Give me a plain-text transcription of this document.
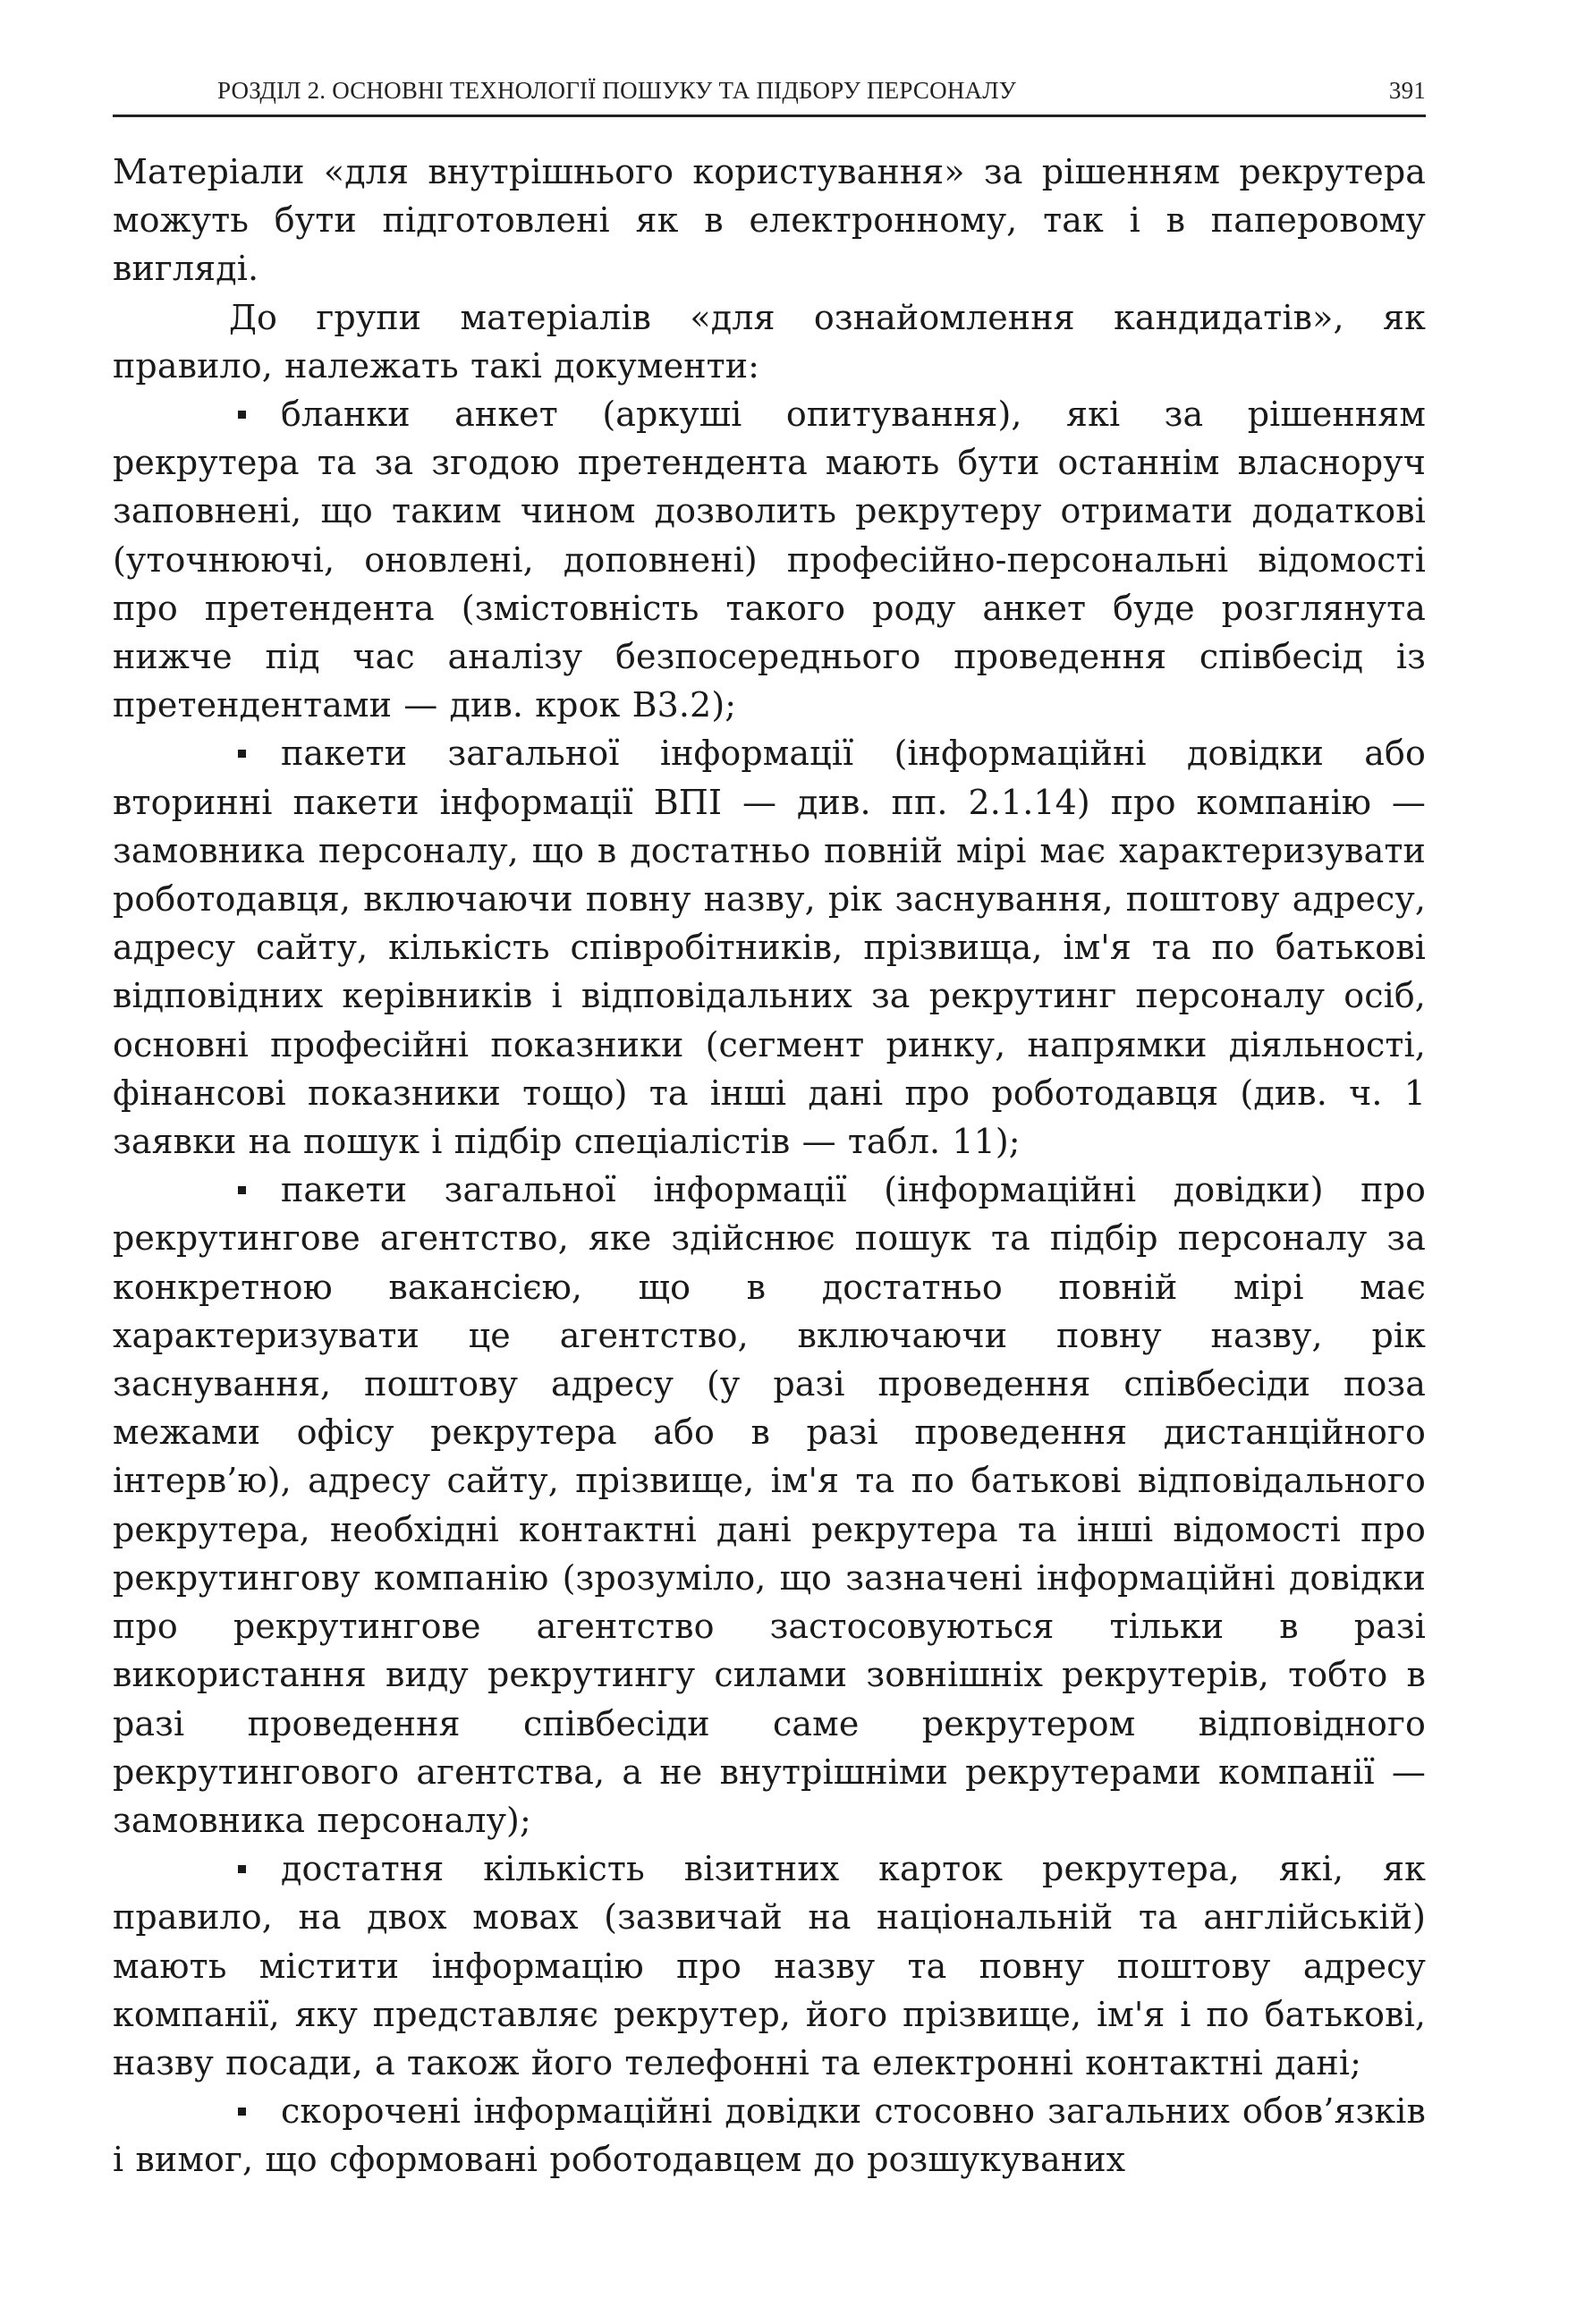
РОЗДІЛ 2. ОСНОВНІ ТЕХНОЛОГІЇ ПОШУКУ ТА ПІДБОРУ ПЕРСОНАЛУ	391

Матеріали «для внутрішнього користування» за рішенням рекрутера можуть бути підготовлені як в електронному, так і в паперовому вигляді.

До групи матеріалів «для ознайомлення кандидатів», як правило, належать такі документи:

бланки анкет (аркуші опитування), які за рішенням рекрутера та за згодою претендента мають бути останнім власноруч заповнені, що таким чином дозволить рекрутеру отримати додаткові (уточнюючі, оновлені, доповнені) професійно-персональні відомості про претендента (змістовність такого роду анкет буде розглянута нижче під час аналізу безпосереднього проведення співбесід із претендентами — див. крок В3.2);

пакети загальної інформації (інформаційні довідки або вторинні пакети інформації ВПІ — див. пп. 2.1.14) про компанію — замовника персоналу, що в достатньо повній мірі має характеризувати роботодавця, включаючи повну назву, рік заснування, поштову адресу, адресу сайту, кількість співробітників, прізвища, ім'я та по батькові відповідних керівників і відповідальних за рекрутинг персоналу осіб, основні професійні показники (сегмент ринку, напрямки діяльності, фінансові показники тощо) та інші дані про роботодавця (див. ч. 1 заявки на пошук і підбір спеціалістів — табл. 11);

пакети загальної інформації (інформаційні довідки) про рекрутингове агентство, яке здійснює пошук та підбір персоналу за конкретною вакансією, що в достатньо повній мірі має характеризувати це агентство, включаючи повну назву, рік заснування, поштову адресу (у разі проведення співбесіди поза межами офісу рекрутера або в разі проведення дистанційного інтерв’ю), адресу сайту, прізвище, ім'я та по батькові відповідального рекрутера, необхідні контактні дані рекрутера та інші відомості про рекрутингову компанію (зрозуміло, що зазначені інформаційні довідки про рекрутингове агентство застосовуються тільки в разі використання виду рекрутингу силами зовнішніх рекрутерів, тобто в разі проведення співбесіди саме рекрутером відповідного рекрутингового агентства, а не внутрішніми рекрутерами компанії — замовника персоналу);

достатня кількість візитних карток рекрутера, які, як правило, на двох мовах (зазвичай на національній та англійській) мають містити інформацію про назву та повну поштову адресу компанії, яку представляє рекрутер, його прізвище, ім'я і по батькові, назву посади, а також його телефонні та електронні контактні дані;

скорочені інформаційні довідки стосовно загальних обов’язків і вимог, що сформовані роботодавцем до розшукуваних
